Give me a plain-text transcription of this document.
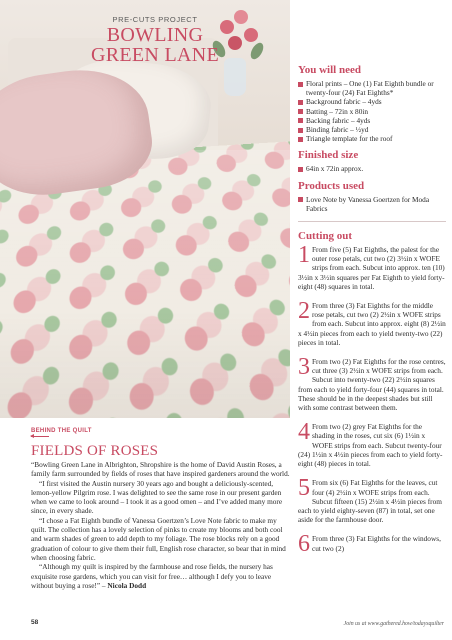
PRE-CUTS PROJECT
BOWLING
GREEN LANE
You will need
Floral prints – One (1) Fat Eighth bundle or twenty-four (24) Fat Eighths*
Background fabric – 4yds
Batting – 72in x 80in
Backing fabric – 4yds
Binding fabric – ½yd
Triangle template for the roof
Finished size
64in x 72in approx.
Products used
Love Note by Vanessa Goertzen for Moda Fabrics
Cutting out
1 From five (5) Fat Eighths, the palest for the outer rose petals, cut two (2) 3½in x WOFE strips from each. Subcut into approx. ten (10) 3½in x 3½in squares per Fat Eighth to yield forty-eight (48) squares in total.
2 From three (3) Fat Eighths for the middle rose petals, cut two (2) 2½in x WOFE strips from each. Subcut into approx. eight (8) 2½in x 4½in pieces from each to yield twenty-two (22) pieces in total.
3 From two (2) Fat Eighths for the rose centres, cut three (3) 2½in x WOFE strips from each. Subcut into twenty-two (22) 2½in squares from each to yield forty-four (44) squares in total. These should be in the deepest shades but still with some contrast between them.
4 From two (2) grey Fat Eighths for the shading in the roses, cut six (6) 1½in x WOFE strips from each. Subcut twenty-four (24) 1½in x 4½in pieces from each to yield forty-eight (48) pieces in total.
5 From six (6) Fat Eighths for the leaves, cut four (4) 2½in x WOFE strips from each. Subcut fifteen (15) 2½in x 4½in pieces from each to yield eighty-seven (87) in total, set one aside for the farmhouse door.
6 From three (3) Fat Eighths for the windows, cut two (2)
BEHIND THE QUILT
FIELDS OF ROSES

“Bowling Green Lane in Albrighton, Shropshire is the home of David Austin Roses, a family farm surrounded by fields of roses that have inspired gardeners around the world.

“I first visited the Austin nursery 30 years ago and bought a deliciously-scented, lemon-yellow Pilgrim rose. I was delighted to see the same rose in our present garden when we came to look around – I took it as a good omen – and I’ve added many more since, in every shade.

“I chose a Fat Eighth bundle of Vanessa Goertzen’s Love Note fabric to make my quilt. The collection has a lovely selection of pinks to create my blooms and both cool and warm shades of green to add depth to my foliage. The rose blocks rely on a good graduation of colour to give them their full, English rose character, so bear that in mind when choosing fabric.

“Although my quilt is inspired by the farmhouse and rose fields, the nursery has exquisite rose gardens, which you can visit for free… although I defy you to leave without buying a rose!” – Nicola Dodd

58	Join us at www.gathered.how/todaysquilter
